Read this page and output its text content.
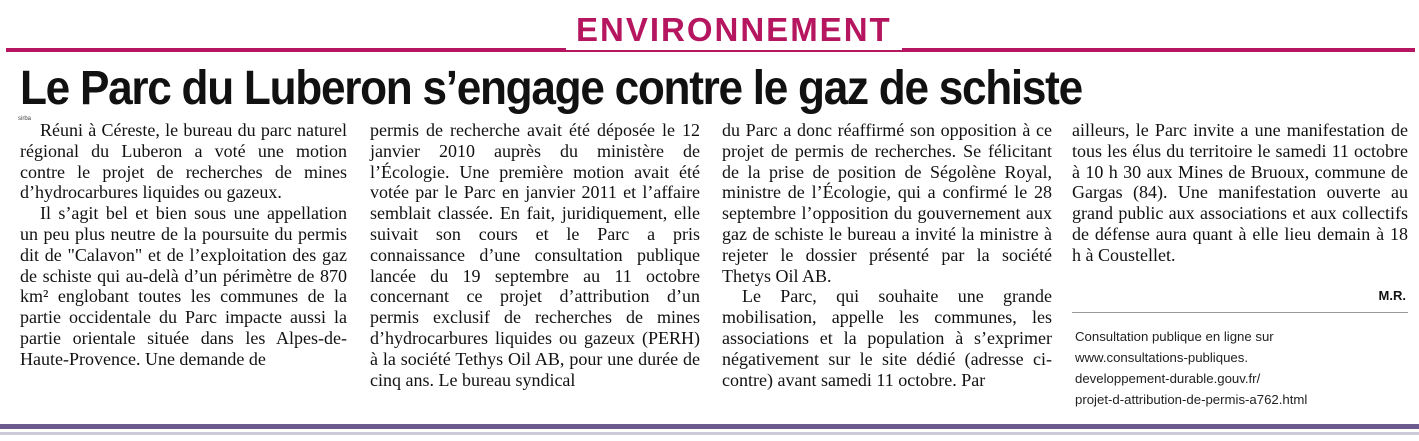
ENVIRONNEMENT
Le Parc du Luberon s’engage contre le gaz de schiste
sirba

Réuni à Céreste, le bureau du parc naturel régional du Luberon a voté une motion contre le projet de recherches de mines d’hydrocarbures liquides ou gazeux.

Il s’agit bel et bien sous une appellation un peu plus neutre de la poursuite du permis dit de "Calavon" et de l’exploitation des gaz de schiste qui au-delà d’un périmètre de 870 km² englobant toutes les communes de la partie occidentale du Parc impacte aussi la partie orientale située dans les Alpes-de-Haute-Provence. Une demande de

permis de recherche avait été déposée le 12 janvier 2010 auprès du ministère de l’Écologie. Une première motion avait été votée par le Parc en janvier 2011 et l’affaire semblait classée. En fait, juridiquement, elle suivait son cours et le Parc a pris connaissance d’une consultation publique lancée du 19 septembre au 11 octobre concernant ce projet d’attribution d’un permis exclusif de recherches de mines d’hydrocarbures liquides ou gazeux (PERH) à la société Tethys Oil AB, pour une durée de cinq ans. Le bureau syndical

du Parc a donc réaffirmé son opposition à ce projet de permis de recherches. Se félicitant de la prise de position de Ségolène Royal, ministre de l’Écologie, qui a confirmé le 28 septembre l’opposition du gouvernement aux gaz de schiste le bureau a invité la ministre à rejeter le dossier présenté par la société Thetys Oil AB.

Le Parc, qui souhaite une grande mobilisation, appelle les communes, les associations et la population à s’exprimer négativement sur le site dédié (adresse ci-contre) avant samedi 11 octobre. Par

ailleurs, le Parc invite a une manifestation de tous les élus du territoire le samedi 11 octobre à 10 h 30 aux Mines de Bruoux, commune de Gargas (84). Une manifestation ouverte au grand public aux associations et aux collectifs de défense aura quant à elle lieu demain à 18 h à Coustellet.

M.R.
Consultation publique en ligne sur
www.consultations-publiques.
developpement-durable.gouv.fr/
projet-d-attribution-de-permis-a762.html
